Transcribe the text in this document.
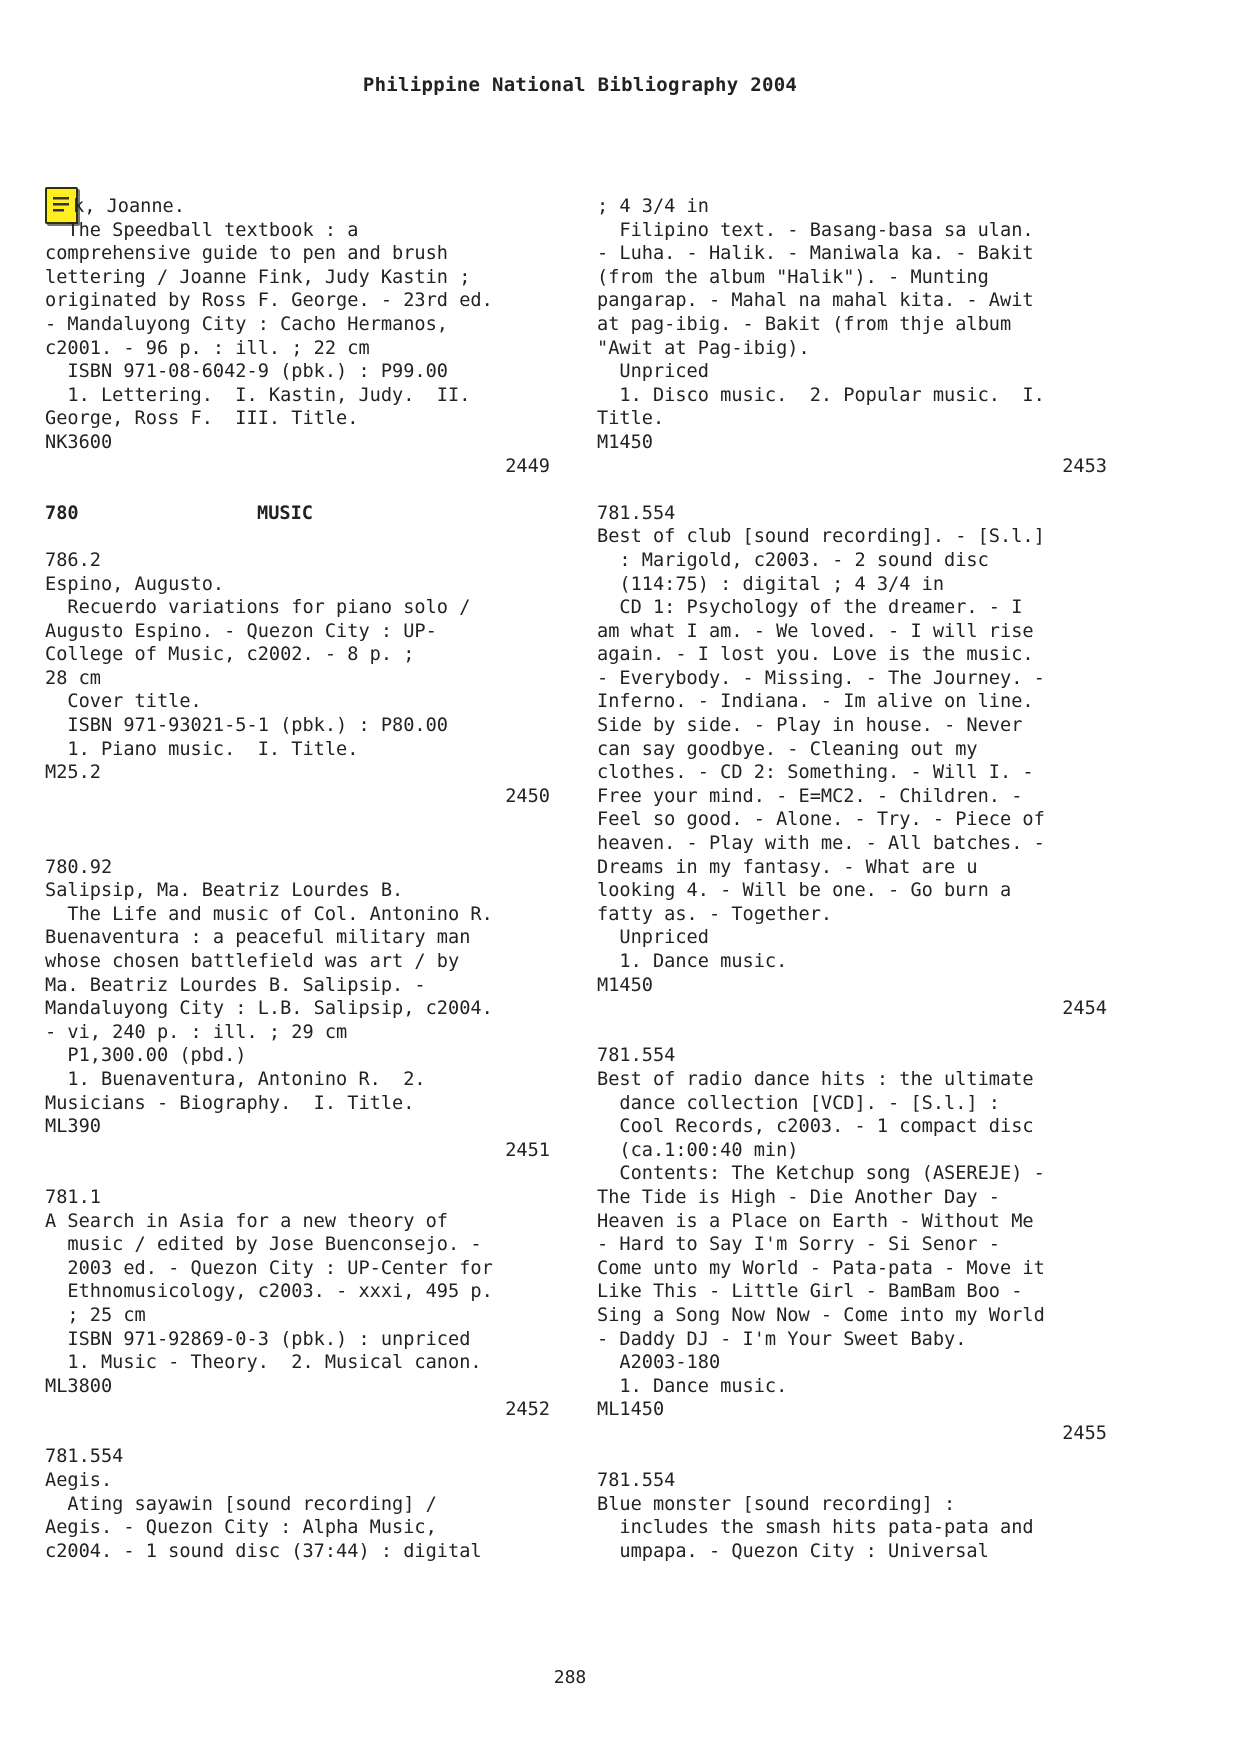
Philippine National Bibliography 2004
k, Joanne.
The Speedball textbook : a
comprehensive guide to pen and brush
lettering / Joanne Fink, Judy Kastin ;
originated by Ross F. George. - 23rd ed.
- Mandaluyong City : Cacho Hermanos,
c2001. - 96 p. : ill. ; 22 cm
ISBN 971-08-6042-9 (pbk.) : P99.00
1. Lettering.  I. Kastin, Judy.  II.
George, Ross F.  III. Title.
NK3600
2449
780	MUSIC
786.2
Espino, Augusto.
Recuerdo variations for piano solo /
Augusto Espino. - Quezon City : UP-
College of Music, c2002. - 8 p. ;
28 cm
Cover title.
ISBN 971-93021-5-1 (pbk.) : P80.00
1. Piano music.  I. Title.
M25.2
2450
780.92
Salipsip, Ma. Beatriz Lourdes B.
The Life and music of Col. Antonino R.
Buenaventura : a peaceful military man
whose chosen battlefield was art / by
Ma. Beatriz Lourdes B. Salipsip. -
Mandaluyong City : L.B. Salipsip, c2004.
- vi, 240 p. : ill. ; 29 cm
P1,300.00 (pbd.)
1. Buenaventura, Antonino R.  2.
Musicians - Biography.  I. Title.
ML390
2451
781.1
A Search in Asia for a new theory of
music / edited by Jose Buenconsejo. -
2003 ed. - Quezon City : UP-Center for
Ethnomusicology, c2003. - xxxi, 495 p.
; 25 cm
ISBN 971-92869-0-3 (pbk.) : unpriced
1. Music - Theory.  2. Musical canon.
ML3800
2452
781.554
Aegis.
Ating sayawin [sound recording] /
Aegis. - Quezon City : Alpha Music,
c2004. - 1 sound disc (37:44) : digital
; 4 3/4 in
Filipino text. - Basang-basa sa ulan.
- Luha. - Halik. - Maniwala ka. - Bakit
(from the album "Halik"). - Munting
pangarap. - Mahal na mahal kita. - Awit
at pag-ibig. - Bakit (from thje album
"Awit at Pag-ibig).
Unpriced
1. Disco music.  2. Popular music.  I.
Title.
M1450
2453
781.554
Best of club [sound recording]. - [S.l.]
: Marigold, c2003. - 2 sound disc
(114:75) : digital ; 4 3/4 in
CD 1: Psychology of the dreamer. - I
am what I am. - We loved. - I will rise
again. - I lost you. Love is the music.
- Everybody. - Missing. - The Journey. -
Inferno. - Indiana. - Im alive on line.
Side by side. - Play in house. - Never
can say goodbye. - Cleaning out my
clothes. - CD 2: Something. - Will I. -
Free your mind. - E=MC2. - Children. -
Feel so good. - Alone. - Try. - Piece of
heaven. - Play with me. - All batches. -
Dreams in my fantasy. - What are u
looking 4. - Will be one. - Go burn a
fatty as. - Together.
Unpriced
1. Dance music.
M1450
2454
781.554
Best of radio dance hits : the ultimate
dance collection [VCD]. - [S.l.] :
Cool Records, c2003. - 1 compact disc
(ca.1:00:40 min)
Contents: The Ketchup song (ASEREJE) -
The Tide is High - Die Another Day -
Heaven is a Place on Earth - Without Me
- Hard to Say I'm Sorry - Si Senor -
Come unto my World - Pata-pata - Move it
Like This - Little Girl - BamBam Boo -
Sing a Song Now Now - Come into my World
- Daddy DJ - I'm Your Sweet Baby.
A2003-180
1. Dance music.
ML1450
2455
781.554
Blue monster [sound recording] :
includes the smash hits pata-pata and
umpapa. - Quezon City : Universal
288
